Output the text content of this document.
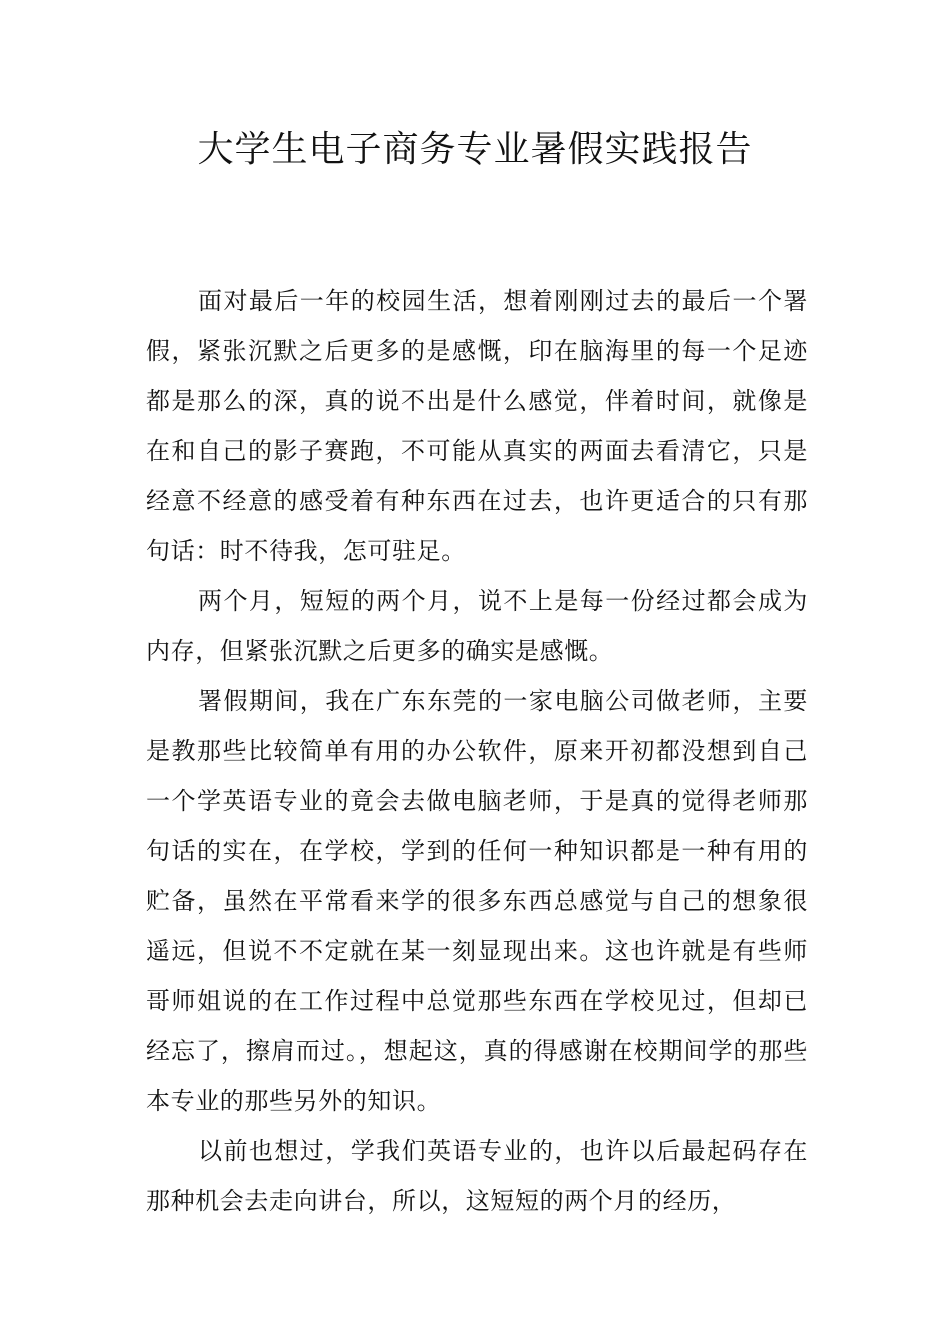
大学生电子商务专业暑假实践报告

面对最后一年的校园生活，想着刚刚过去的最后一个署假，紧张沉默之后更多的是感慨，印在脑海里的每一个足迹都是那么的深，真的说不出是什么感觉，伴着时间，就像是在和自己的影子赛跑，不可能从真实的两面去看清它，只是经意不经意的感受着有种东西在过去，也许更适合的只有那句话：时不待我，怎可驻足。

两个月，短短的两个月，说不上是每一份经过都会成为内存，但紧张沉默之后更多的确实是感慨。

署假期间，我在广东东莞的一家电脑公司做老师，主要是教那些比较简单有用的办公软件，原来开初都没想到自己一个学英语专业的竟会去做电脑老师，于是真的觉得老师那句话的实在，在学校，学到的任何一种知识都是一种有用的贮备，虽然在平常看来学的很多东西总感觉与自己的想象很遥远，但说不不定就在某一刻显现出来。这也许就是有些师哥师姐说的在工作过程中总觉那些东西在学校见过，但却已经忘了，擦肩而过。，想起这，真的得感谢在校期间学的那些本专业的那些另外的知识。

以前也想过，学我们英语专业的，也许以后最起码存在那种机会去走向讲台，所以，这短短的两个月的经历，
